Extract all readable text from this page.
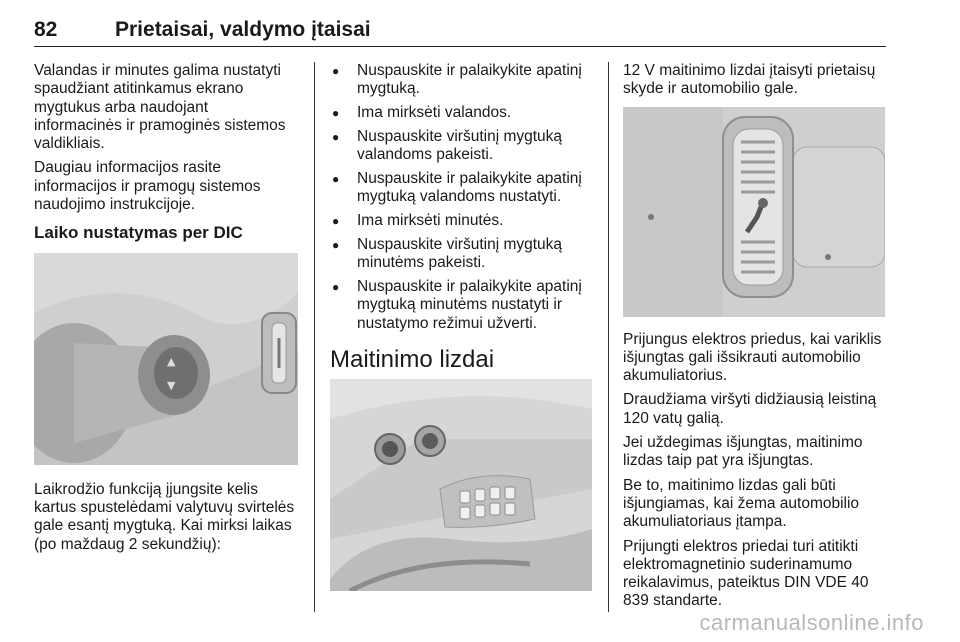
82	Prietaisai, valdymo įtaisai

Valandas ir minutes galima nustatyti spaudžiant atitinkamus ekrano mygtukus arba naudojant informacinės ir pramoginės sistemos valdikliais.

Daugiau informacijos rasite informacijos ir pramogų sistemos naudojimo instrukcijoje.

Laiko nustatymas per DIC
▲
▼

Laikrodžio funkciją įjungsite kelis kartus spustelėdami valytuvų svirtelės gale esantį mygtuką. Kai mirksi laikas (po maždaug 2 sekundžių):

● Nuspauskite ir palaikykite apatinį mygtuką.
● Ima mirksėti valandos.
● Nuspauskite viršutinį mygtuką valandoms pakeisti.
● Nuspauskite ir palaikykite apatinį mygtuką valandoms nustatyti.
● Ima mirksėti minutės.
● Nuspauskite viršutinį mygtuką minutėms pakeisti.
● Nuspauskite ir palaikykite apatinį mygtuką minutėms nustatyti ir nustatymo režimui užverti.
Maitinimo lizdai

12 V maitinimo lizdai įtaisyti prietaisų skyde ir automobilio gale.

Prijungus elektros priedus, kai variklis išjungtas gali išsikrauti automobilio akumuliatorius.

Draudžiama viršyti didžiausią leistiną 120 vatų galią.

Jei uždegimas išjungtas, maitinimo lizdas taip pat yra išjungtas.

Be to, maitinimo lizdas gali būti išjungiamas, kai žema automobilio akumuliatoriaus įtampa.

Prijungti elektros priedai turi atitikti elektromagnetinio suderinamumo reikalavimus, pateiktus DIN VDE 40 839 standarte.

carmanualsonline.info
